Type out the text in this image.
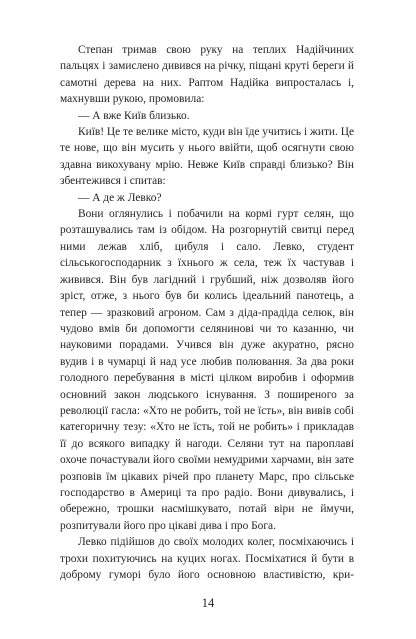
Степан тримав свою руку на теплих Надійчиних пальцях і замислено дивився на річку, піщані круті береги й самотні дерева на них. Раптом Надійка випросталась і, махнувши рукою, промовила:

— А вже Київ близько.

Київ! Це те велике місто, куди він їде учитись і жити. Це те нове, що він мусить у нього ввійти, щоб осягнути свою здавна викохувану мрію. Невже Київ справді близько? Він збентежився і спитав:

— А де ж Левко?

Вони оглянулись і побачили на кормі гурт селян, що розташувались там із обідом. На розгорнутій свитці перед ними лежав хліб, цибуля і сало. Левко, студент сільськогосподарник з їхнього ж села, теж їх частував і живився. Він був лагідний і грубший, ніж дозволяв його зріст, отже, з нього був би колись ідеальний панотець, а тепер — зразковий агроном. Сам з діда-прадіда селюк, він чудово вмів би допомогти селянинові чи то казанню, чи науковими порадами. Учився він дуже акуратно, рясно вудив і в чумарці й над усе любив полювання. За два роки голодного перебування в місті цілком виробив і оформив основний закон людського існування. З поширеного за революції гасла: «Хто не робить, той не їсть», він вивів собі категоричну тезу: «Хто не їсть, той не робить» і прикладав її до всякого випадку й нагоди. Селяни тут на пароплаві охоче почастували його своїми немудрими харчами, він зате розповів їм цікавих річей про планету Марс, про сільське господарство в Америці та про радіо. Вони дивувались, і обережно, трошки насмішкувато, потай віри не ймучи, розпитували його про цікаві дива і про Бога.

Левко підійшов до своїх молодих колег, посміхаючись і трохи похитуючись на куцих ногах. Посміхатися й бути в доброму гуморі було його основною властивістю, кри-

14
